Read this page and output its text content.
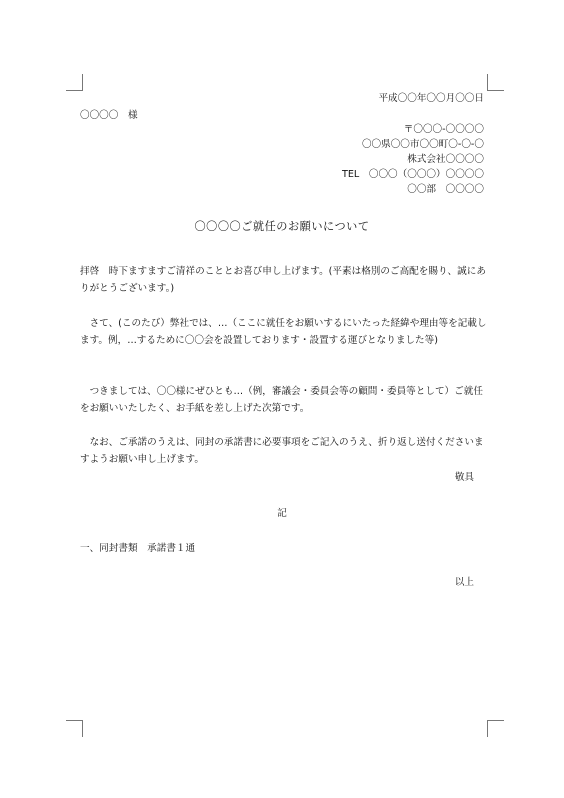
平成〇〇年〇〇月〇〇日
〇〇〇〇　様
〒〇〇〇-〇〇〇〇
〇〇県〇〇市〇〇町〇-〇-〇
株式会社〇〇〇〇
TEL　〇〇〇（〇〇〇）〇〇〇〇
〇〇部　〇〇〇〇
〇〇〇〇ご就任のお願いについて

拝啓　時下ますますご清祥のこととお喜び申し上げます。(平素は格別のご高配を賜り、誠にありがとうございます。)

　さて、(このたび）弊社では、…（ここに就任をお願いするにいたった経緯や理由等を記載します。例，…するために〇〇会を設置しております・設置する運びとなりました等)

　つきましては、〇〇様にぜひとも…（例，審議会・委員会等の顧問・委員等として）ご就任をお願いいたしたく、お手紙を差し上げた次第です。

　なお、ご承諾のうえは、同封の承諾書に必要事項をご記入のうえ、折り返し送付くださいますようお願い申し上げます。

敬具
記
一、同封書類　承諾書１通
以上
